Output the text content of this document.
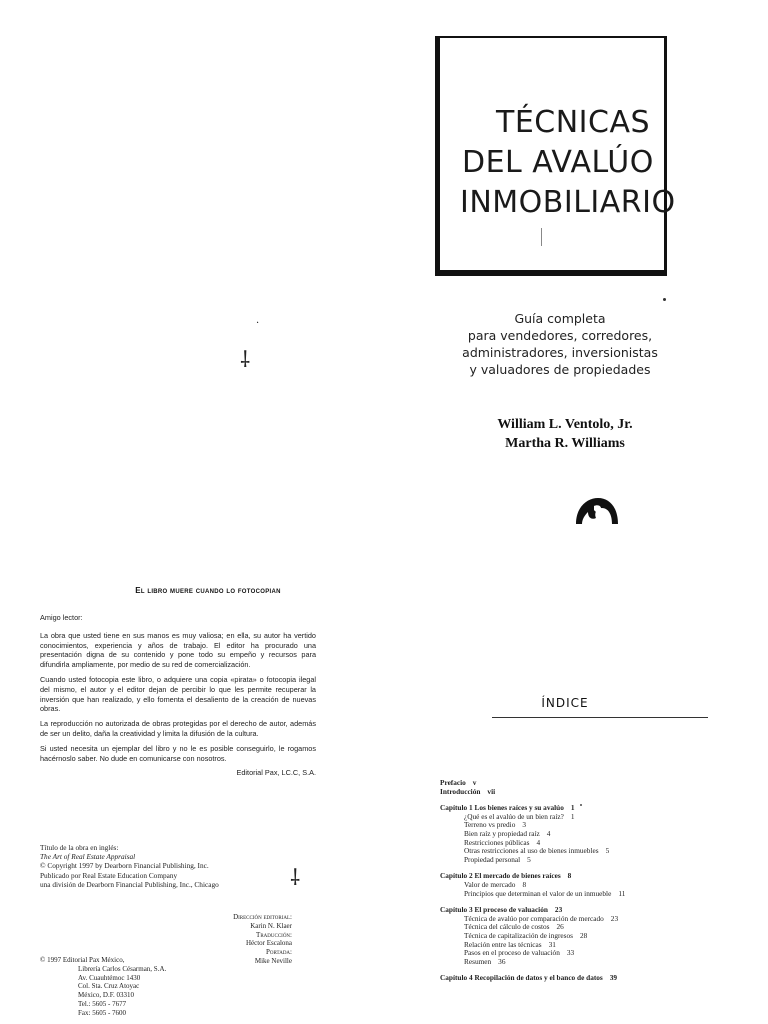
TÉCNICAS
DEL AVALÚO
INMOBILIARIO
Guía completa
para vendedores, corredores,
administradores, inversionistas
y valuadores de propiedades
William L. Ventolo, Jr.
Martha R. Williams
·
⸸
⸸
El libro muere cuando lo fotocopian

Amigo lector:

La obra que usted tiene en sus manos es muy valiosa; en ella, su autor ha vertido conocimientos, experiencia y años de trabajo. El editor ha procurado una presentación digna de su contenido y pone todo su empeño y recursos para difundirla ampliamente, por medio de su red de comercialización.

Cuando usted fotocopia este libro, o adquiere una copia «pirata» o fotocopia ilegal del mismo, el autor y el editor dejan de percibir lo que les permite recuperar la inversión que han realizado, y ello fomenta el desaliento de la creación de nuevas obras.

La reproducción no autorizada de obras protegidas por el derecho de autor, además de ser un delito, daña la creatividad y limita la difusión de la cultura.

Si usted necesita un ejemplar del libro y no le es posible conseguirlo, le rogamos hacérnoslo saber. No dude en comunicarse con nosotros.

Editorial Pax, LC.C, S.A.

Título de la obra en inglés:
The Art of Real Estate Appraisal
© Copyright 1997 by Dearborn Financial Publishing, Inc.
Publicado por Real Estate Education Company
una división de Dearborn Financial Publishing, Inc., Chicago
Dirección editorial:
Karin N. Klaer
Traducción:
Héctor Escalona
Portada:
Mike Neville
© 1997 Editorial Pax México,
Librería Carlos Césarman, S.A.
Av. Cuauhtémoc 1430
Col. Sta. Cruz Atoyac
México, D.F. 03310
Tel.: 5605 - 7677
Fax: 5605 - 7600
ÍNDICE
Prefacio v
Introducción vii
Capítulo 1 Los bienes raíces y su avalúo 1
¿Qué es el avalúo de un bien raíz? 1
Terreno vs predio 3
Bien raíz y propiedad raíz 4
Restricciones públicas 4
Otras restricciones al uso de bienes inmuebles 5
Propiedad personal 5
Capítulo 2 El mercado de bienes raíces 8
Valor de mercado 8
Principios que determinan el valor de un inmueble 11
Capítulo 3 El proceso de valuación 23
Técnica de avalúo por comparación de mercado 23
Técnica del cálculo de costos 26
Técnica de capitalización de ingresos 28
Relación entre las técnicas 31
Pasos en el proceso de valuación 33
Resumen 36
Capítulo 4 Recopilación de datos y el banco de datos 39
